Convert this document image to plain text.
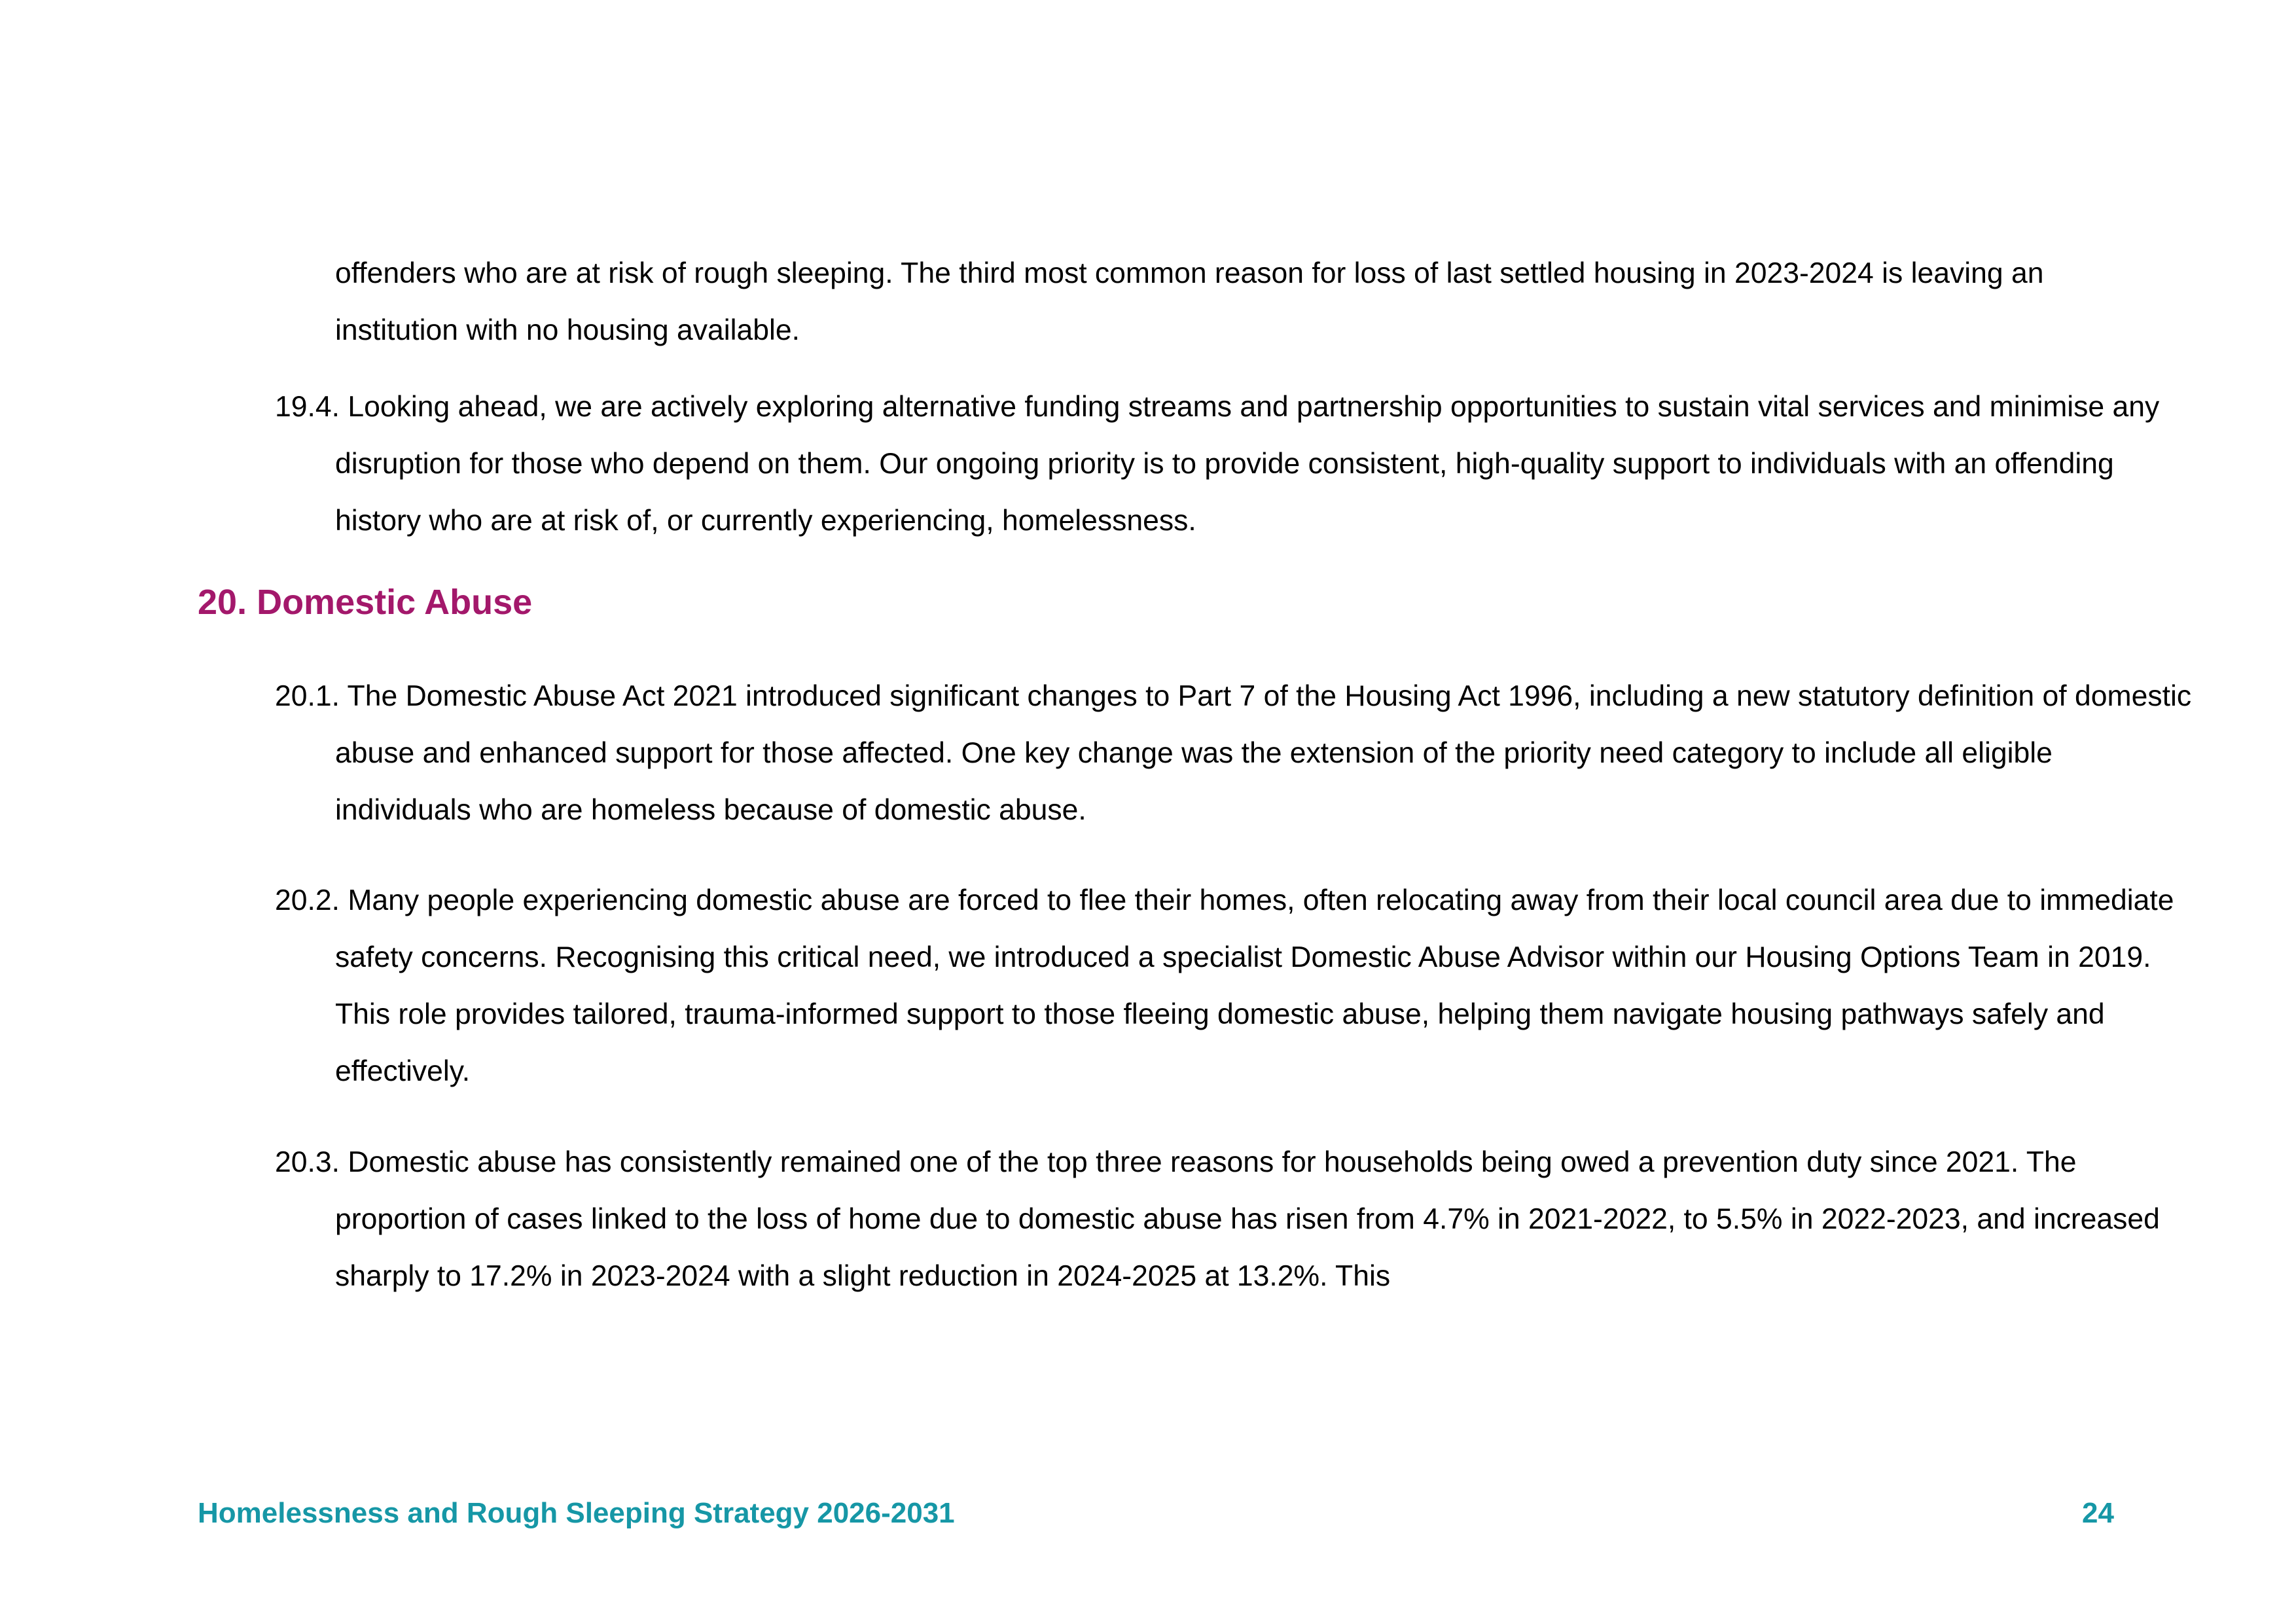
offenders who are at risk of rough sleeping. The third most common reason for loss of last settled housing in 2023-2024 is leaving an institution with no housing available.

19.4. Looking ahead, we are actively exploring alternative funding streams and partnership opportunities to sustain vital services and minimise any disruption for those who depend on them. Our ongoing priority is to provide consistent, high-quality support to individuals with an offending history who are at risk of, or currently experiencing, homelessness.

20. Domestic Abuse

20.1. The Domestic Abuse Act 2021 introduced significant changes to Part 7 of the Housing Act 1996, including a new statutory definition of domestic abuse and enhanced support for those affected. One key change was the extension of the priority need category to include all eligible individuals who are homeless because of domestic abuse.

20.2. Many people experiencing domestic abuse are forced to flee their homes, often relocating away from their local council area due to immediate safety concerns. Recognising this critical need, we introduced a specialist Domestic Abuse Advisor within our Housing Options Team in 2019. This role provides tailored, trauma-informed support to those fleeing domestic abuse, helping them navigate housing pathways safely and effectively.

20.3. Domestic abuse has consistently remained one of the top three reasons for households being owed a prevention duty since 2021. The proportion of cases linked to the loss of home due to domestic abuse has risen from 4.7% in 2021-2022, to 5.5% in 2022-2023, and increased sharply to 17.2% in 2023-2024 with a slight reduction in 2024-2025 at 13.2%. This

Homelessness and Rough Sleeping Strategy 2026-2031	24
